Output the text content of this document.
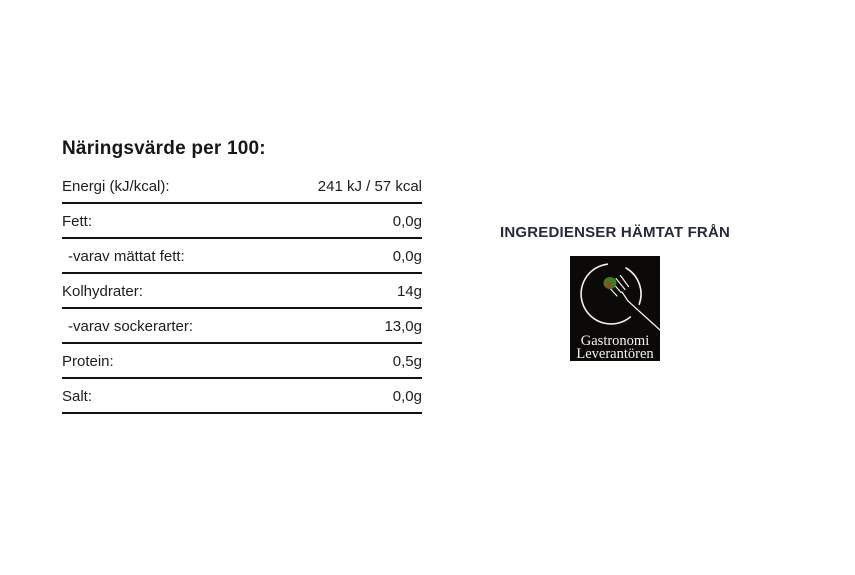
Näringsvärde per 100:
Energi (kJ/kcal):	241 kJ / 57 kcal
Fett:	0,0g
-varav mättat fett:	0,0g
Kolhydrater:	14g
-varav sockerarter:	13,0g
Protein:	0,5g
Salt:	0,0g
INGREDIENSER HÄMTAT FRÅN
Gastronomi
Leverantören
